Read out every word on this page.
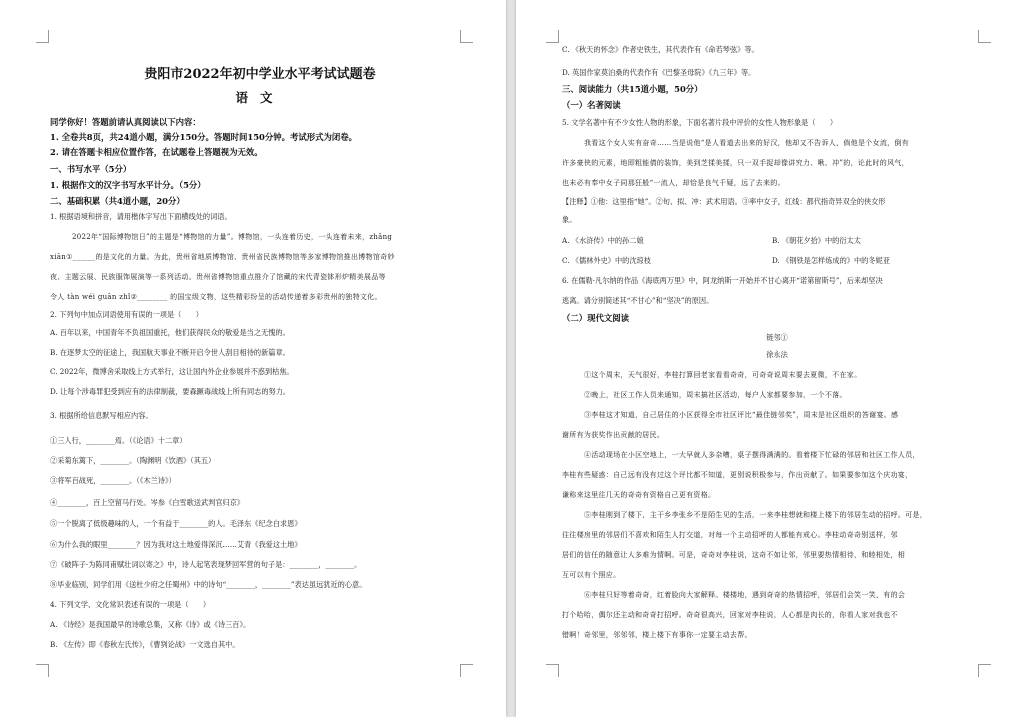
贵阳市2022年初中学业水平考试试题卷
语文
同学你好！答题前请认真阅读以下内容：
1. 全卷共8页，共24道小题，满分150分。答题时间150分钟。考试形式为闭卷。
2. 请在答题卡相应位置作答，在试题卷上答题视为无效。
一、书写水平（5分）
1. 根据作文的汉字书写水平计分。（5分）
二、基础积累（共4道小题，20分）
1. 根据语境和拼音，请用楷体字写出下面横线处的词语。
2022年“国际博物馆日”的主题是“博物馆的力量”。博物馆，一头连着历史，一头连着未来，zhǎng
xiān①______的是文化的力量。为此，贵州省地质博物馆、贵州省民族博物馆等多家博物馆推出博物馆奇妙
夜、主题云展、民族服饰展演等一系列活动。贵州省博物馆重点推介了馆藏的宋代青瓷钵形炉精美展品等
令人 tàn wéi guān zhǐ②________ 的国宝级文物，这些精彩纷呈的活动传递着多彩贵州的独特文化。
2. 下列句中加点词语使用有误的一项是（　　）
A. 百年以来，中国青年不负祖国重托，他们获得民众的敬爱是当之无愧的。
B. 在逐梦太空的征途上，我国航天事业不断开启令世人刮目相待的新篇章。
C. 2022年，微博舍采取线上方式举行，这让国内外企业参展并不惑到枯焦。
D. 让每个涉毒罪犯受到应有的法律制裁，要森蹶毒战线上所有同志的努力。
3. 根据所给信息默写相应内容。
①三人行，________焉。（《论语》十二章）
②采菊东篱下，________。（陶渊明《饮酒》（其五）
③将军百战死，________。（《木兰诗》）
④________，百上空留马行处。岑参《白雪歌送武判官归京》
⑤一个脱离了低级趣味的人，一个有益于________的人。毛泽东《纪念白求恩》
⑥为什么我的眼里________？因为我对这土地爱得深沉……艾青《我爱这土地》
⑦《破阵子·为陈同甫赋壮词以寄之》中，诗人起笔表现梦回军营的句子是：________，________。
⑧毕业临别，同学们用《送杜少府之任蜀州》中的诗句“________，________”表达虽远犹近的心意。
4. 下列文学、文化常识表述有误的一项是（　　）
A. 《诗经》是我国最早的诗歌总集，又称《诗》或《诗三百》。
B. 《左传》即《春秋左氏传》，《曹刿论战》一文选自其中。
C. 《秋天的怀念》作者史铁生，其代表作有《命若琴弦》等。
D. 英国作家莫泊桑的代表作有《巴黎圣母院》《九三年》等。
三、阅读能力（共15道小题，50分）
（一）名著阅读
5. 文学名著中有不少女性人物的形象，下面名著片段中评价的女性人物形象是（　　）
我看这个女人实有奋奇……当是说他“是人看道去出来的好汉，他却又不告诉人，倘他是个女流，倒有
许多豪侠的元素，地即粗能倩的装饰，美到芝揉美揉，只一双手捉却像讲究力、啾、冲”的，论此时的风气，
也未必有奉中女子同那狂般“一流人，却恰是良气千疑，远了去来的。
【注释】①他：这里指“她”。②旬、拟、冲：武术用语。③率中女子，红线：都代指奇异双全的侠女形
象。
A. 《水浒传》中的孙二娘	B. 《朝花夕拾》中的衍太太
C. 《儒林外史》中的沈琼枝	D. 《钢铁是怎样炼成的》中的冬妮亚
6. 在儒勒·凡尔纳的作品《海底两万里》中，阿龙纳斯一开始并不甘心离开“诺第留斯号”，后来却坚决
逃离。请分别简述其“不甘心”和“坚决”的原因。
（二）现代文阅读
链邻①
徐永法
①这个周末，天气很好，李桂打算回老家看看奇奇，可奇奇说周末要去夏微，不在家。
②晚上，社区工作人员来通知，周末搞社区活动，每户人家都要参加，一个不落。
③李桂这才知道，自己居住的小区获得全市社区评比“最佳链邻奖”，周末是社区组织的答谢宴。感
谢所有为获奖作出贡献的居民。
④活动现场在小区空地上，一大早就人多杂嘈，桌子摆得满满的。看着楼下忙碌的邻居和社区工作人员，
李桂有些疑惑：自己远有没有过这个评比都不知道，更别说积极参与，作出贡献了。如果要参加这个庆功宴，
谦称来这里往几天的奇奇有资格自己更有资格。
⑤李桂刚到了楼下，主干乡李张乡不是陌生见的生活，一来李桂想就和楼上楼下的邻居生动的招呼。可是，
往往楼房里的邻居们不喜欢和陌生人打交道，对每一个主动招呼的人都能有戒心。李桂动奇奇别送样，邻
居们的信任的随意让人多难为情啊。可是，奇奇对李桂说，这奇不如让邻，邻里要热情相待，和睦相处，相
互可以有个照应。
⑥李桂只好等着奇奇，红着脸向大家解释。楼楼地，遇到奇奇的热情招呼，邻居们会笑一笑，有的会
打个哈哈，偶尔还主动和奇奇打招呼。奇奇很高兴，回家对李桂说，人心都是肉长的，你看人家对我也不
错啊！奇邻里，邻邻邻，楼上楼下有事你一定要主动去帮。
